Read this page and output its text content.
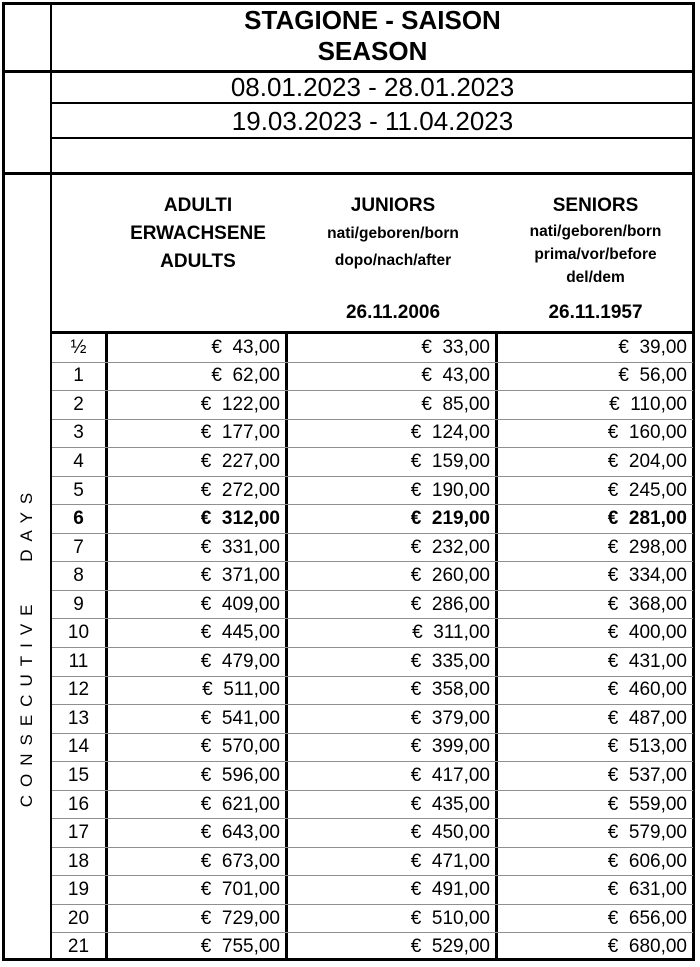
STAGIONE - SAISON
SEASON
08.01.2023 - 28.01.2023
19.03.2023 - 11.04.2023
ADULTI
ERWACHSENE
ADULTS
JUNIORS
nati/geboren/born
dopo/nach/after
26.11.2006
SENIORS
nati/geboren/born
prima/vor/before
del/dem
26.11.1957
CONSECUTIVE DAYS
½	€  43,00	€  33,00	€  39,00
1	€  62,00	€  43,00	€  56,00
2	€  122,00	€  85,00	€  110,00
3	€  177,00	€  124,00	€  160,00
4	€  227,00	€  159,00	€  204,00
5	€  272,00	€  190,00	€  245,00
6	€  312,00	€  219,00	€  281,00
7	€  331,00	€  232,00	€  298,00
8	€  371,00	€  260,00	€  334,00
9	€  409,00	€  286,00	€  368,00
10	€  445,00	€  311,00	€  400,00
11	€  479,00	€  335,00	€  431,00
12	€  511,00	€  358,00	€  460,00
13	€  541,00	€  379,00	€  487,00
14	€  570,00	€  399,00	€  513,00
15	€  596,00	€  417,00	€  537,00
16	€  621,00	€  435,00	€  559,00
17	€  643,00	€  450,00	€  579,00
18	€  673,00	€  471,00	€  606,00
19	€  701,00	€  491,00	€  631,00
20	€  729,00	€  510,00	€  656,00
21	€  755,00	€  529,00	€  680,00
